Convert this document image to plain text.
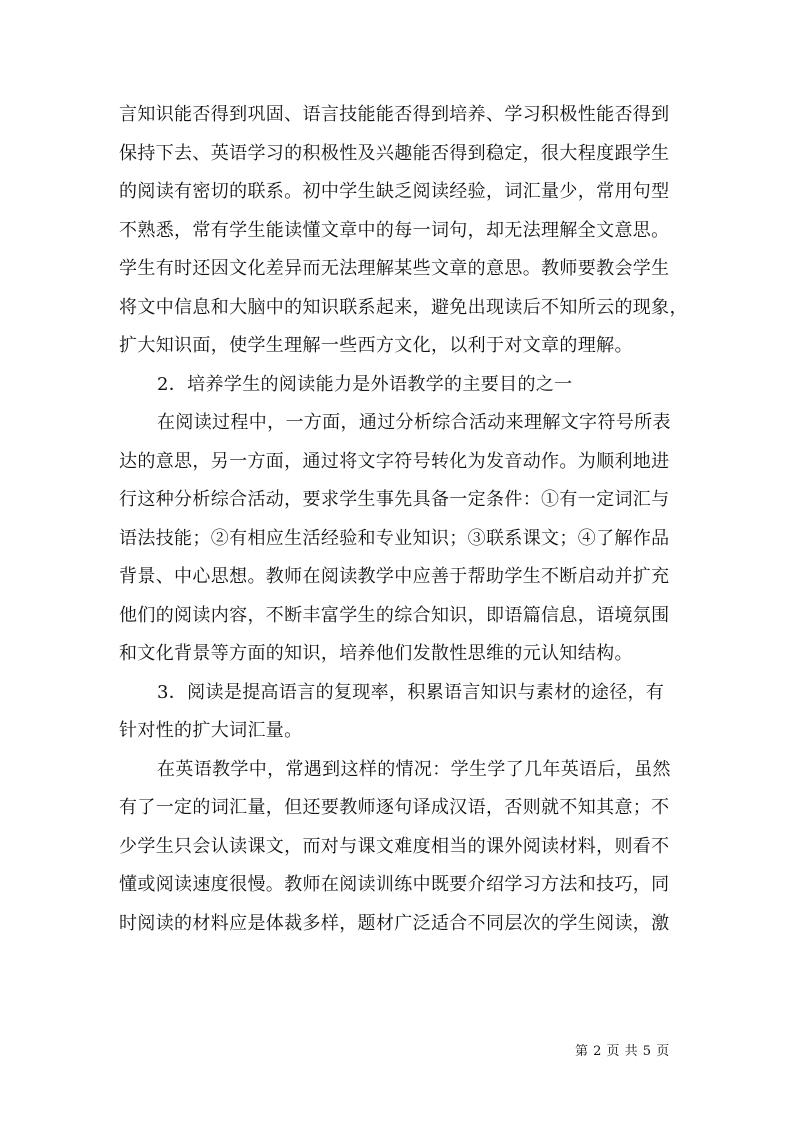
言知识能否得到巩固、语言技能能否得到培养、学习积极性能否得到
保持下去、英语学习的积极性及兴趣能否得到稳定，很大程度跟学生
的阅读有密切的联系。初中学生缺乏阅读经验，词汇量少，常用句型
不熟悉，常有学生能读懂文章中的每一词句，却无法理解全文意思。
学生有时还因文化差异而无法理解某些文章的意思。教师要教会学生
将文中信息和大脑中的知识联系起来，避免出现读后不知所云的现象，
扩大知识面，使学生理解一些西方文化，以利于对文章的理解。
2．培养学生的阅读能力是外语教学的主要目的之一
在阅读过程中，一方面，通过分析综合活动来理解文字符号所表
达的意思，另一方面，通过将文字符号转化为发音动作。为顺利地进
行这种分析综合活动，要求学生事先具备一定条件：①有一定词汇与
语法技能；②有相应生活经验和专业知识；③联系课文；④了解作品
背景、中心思想。教师在阅读教学中应善于帮助学生不断启动并扩充
他们的阅读内容，不断丰富学生的综合知识，即语篇信息，语境氛围
和文化背景等方面的知识，培养他们发散性思维的元认知结构。
3．阅读是提高语言的复现率，积累语言知识与素材的途径，有
针对性的扩大词汇量。
在英语教学中，常遇到这样的情况：学生学了几年英语后，虽然
有了一定的词汇量，但还要教师逐句译成汉语，否则就不知其意；不
少学生只会认读课文，而对与课文难度相当的课外阅读材料，则看不
懂或阅读速度很慢。教师在阅读训练中既要介绍学习方法和技巧，同
时阅读的材料应是体裁多样，题材广泛适合不同层次的学生阅读，激
第 2 页 共 5 页
